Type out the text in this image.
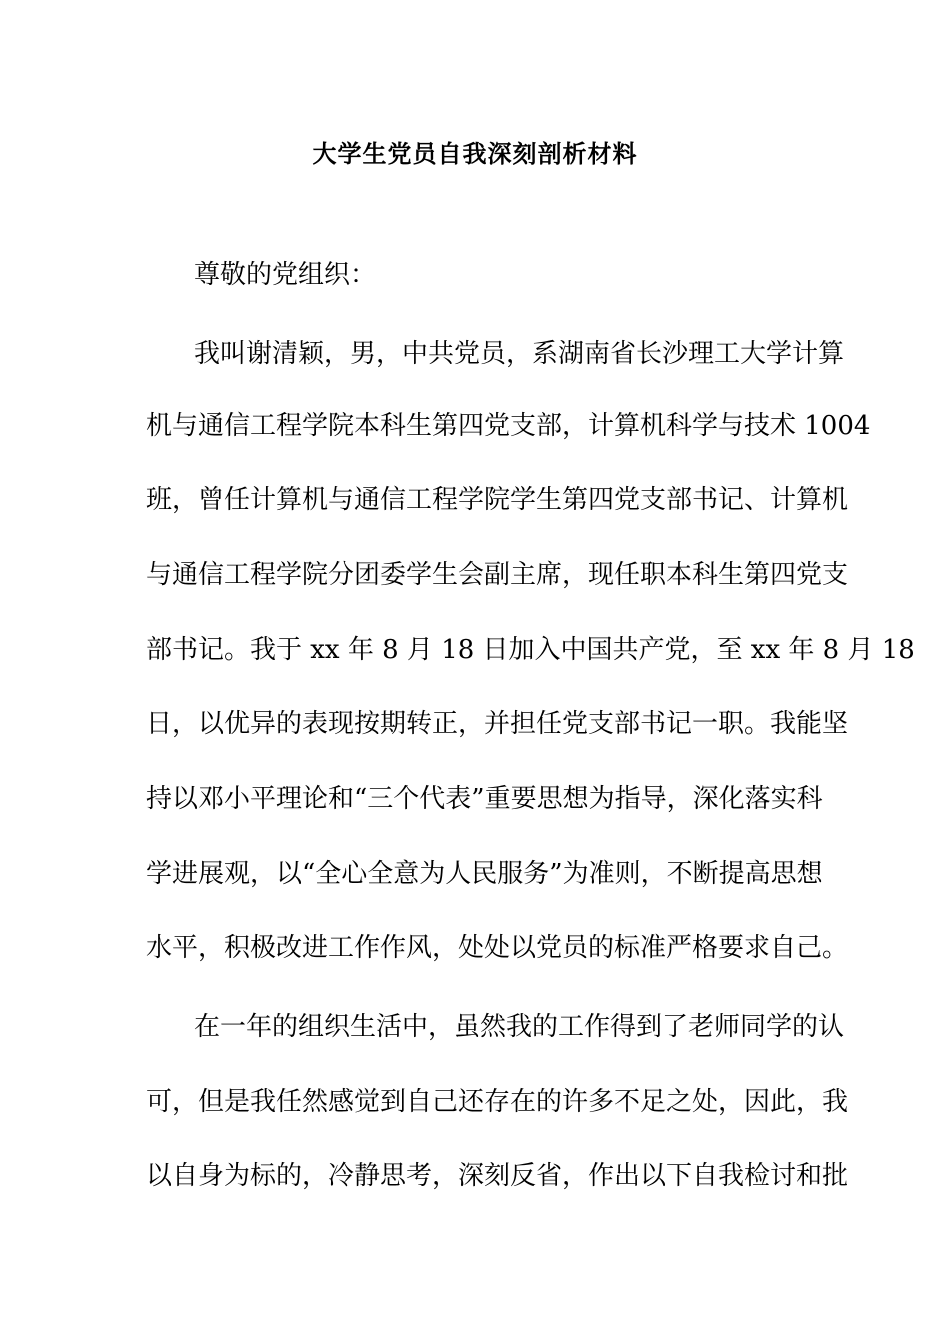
大学生党员自我深刻剖析材料
尊敬的党组织：
我叫谢清颖，男，中共党员，系湖南省长沙理工大学计算
机与通信工程学院本科生第四党支部，计算机科学与技术 1004
班，曾任计算机与通信工程学院学生第四党支部书记、计算机
与通信工程学院分团委学生会副主席，现任职本科生第四党支
部书记。我于 xx 年 8 月 18 日加入中国共产党，至 xx 年 8 月 18
日，以优异的表现按期转正，并担任党支部书记一职。我能坚
持以邓小平理论和“三个代表”重要思想为指导，深化落实科
学进展观，以“全心全意为人民服务”为准则，不断提高思想
水平，积极改进工作作风，处处以党员的标准严格要求自己。
在一年的组织生活中，虽然我的工作得到了老师同学的认
可，但是我任然感觉到自己还存在的许多不足之处，因此，我
以自身为标的，冷静思考，深刻反省，作出以下自我检讨和批
